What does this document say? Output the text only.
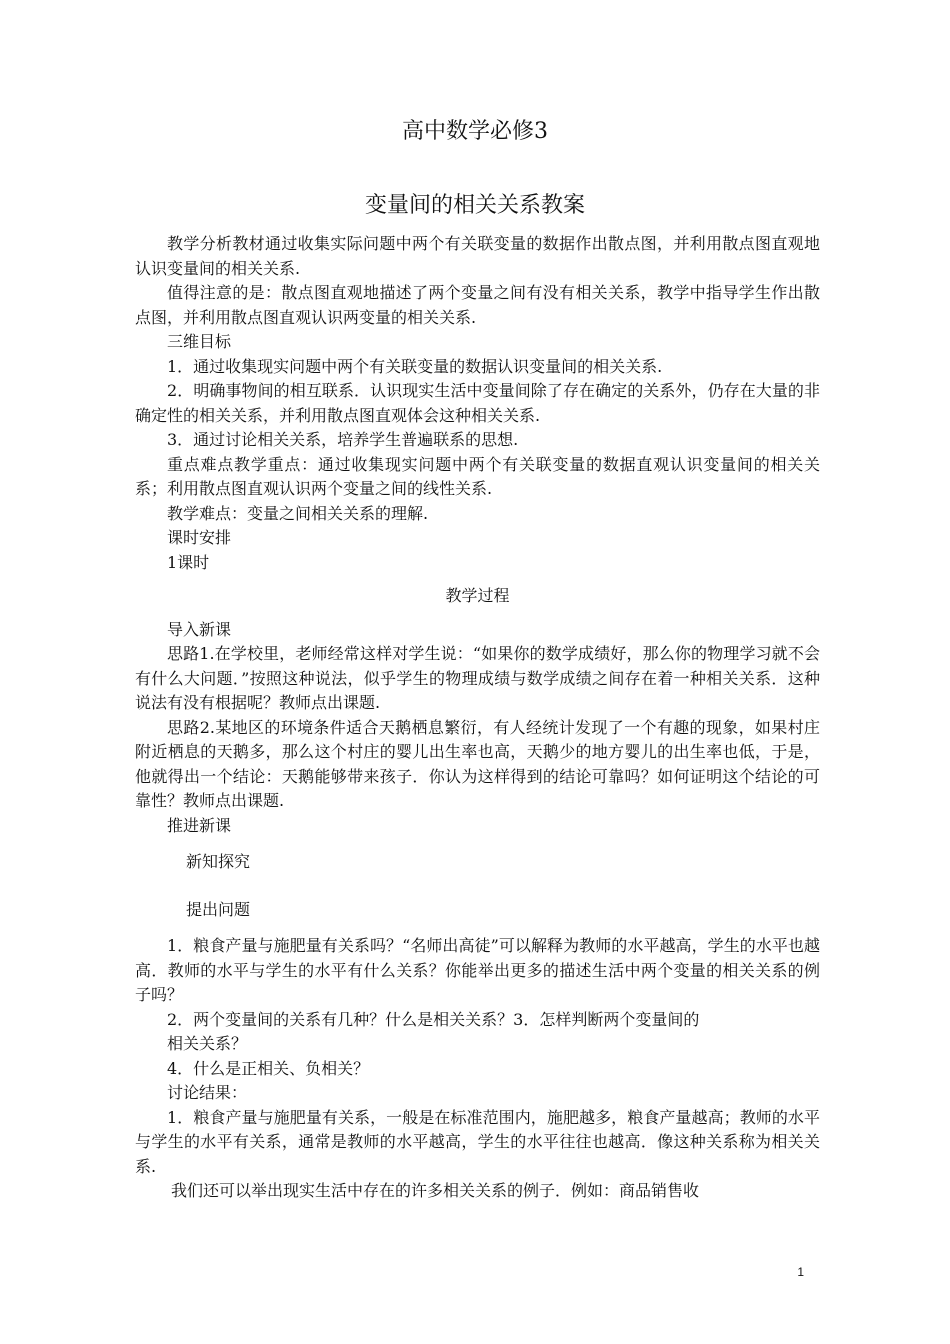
高中数学必修3
变量间的相关关系教案

教学分析教材通过收集实际问题中两个有关联变量的数据作出散点图，并利用散点图直观地认识变量间的相关关系.

值得注意的是：散点图直观地描述了两个变量之间有没有相关关系，教学中指导学生作出散点图，并利用散点图直观认识两变量的相关关系.

三维目标

1．通过收集现实问题中两个有关联变量的数据认识变量间的相关关系.

2．明确事物间的相互联系．认识现实生活中变量间除了存在确定的关系外，仍存在大量的非确定性的相关关系，并利用散点图直观体会这种相关关系.

3．通过讨论相关关系，培养学生普遍联系的思想.

重点难点教学重点：通过收集现实问题中两个有关联变量的数据直观认识变量间的相关关系；利用散点图直观认识两个变量之间的线性关系.

教学难点：变量之间相关关系的理解.

课时安排

1课时

教学过程

导入新课

思路1.在学校里，老师经常这样对学生说：“如果你的数学成绩好，那么你的物理学习就不会有什么大问题．”按照这种说法，似乎学生的物理成绩与数学成绩之间存在着一种相关关系．这种说法有没有根据呢？教师点出课题.

思路2.某地区的环境条件适合天鹅栖息繁衍，有人经统计发现了一个有趣的现象，如果村庄附近栖息的天鹅多，那么这个村庄的婴儿出生率也高，天鹅少的地方婴儿的出生率也低，于是，他就得出一个结论：天鹅能够带来孩子．你认为这样得到的结论可靠吗？如何证明这个结论的可靠性？教师点出课题.

推进新课

新知探究

提出问题

1．粮食产量与施肥量有关系吗？“名师出高徒”可以解释为教师的水平越高，学生的水平也越高．教师的水平与学生的水平有什么关系？你能举出更多的描述生活中两个变量的相关关系的例子吗？

2．两个变量间的关系有几种？什么是相关关系？3．怎样判断两个变量间的

相关关系？

4．什么是正相关、负相关？

讨论结果：

1．粮食产量与施肥量有关系，一般是在标准范围内，施肥越多，粮食产量越高；教师的水平与学生的水平有关系，通常是教师的水平越高，学生的水平往往也越高．像这种关系称为相关关系.

我们还可以举出现实生活中存在的许多相关关系的例子．例如：商品销售收

1
